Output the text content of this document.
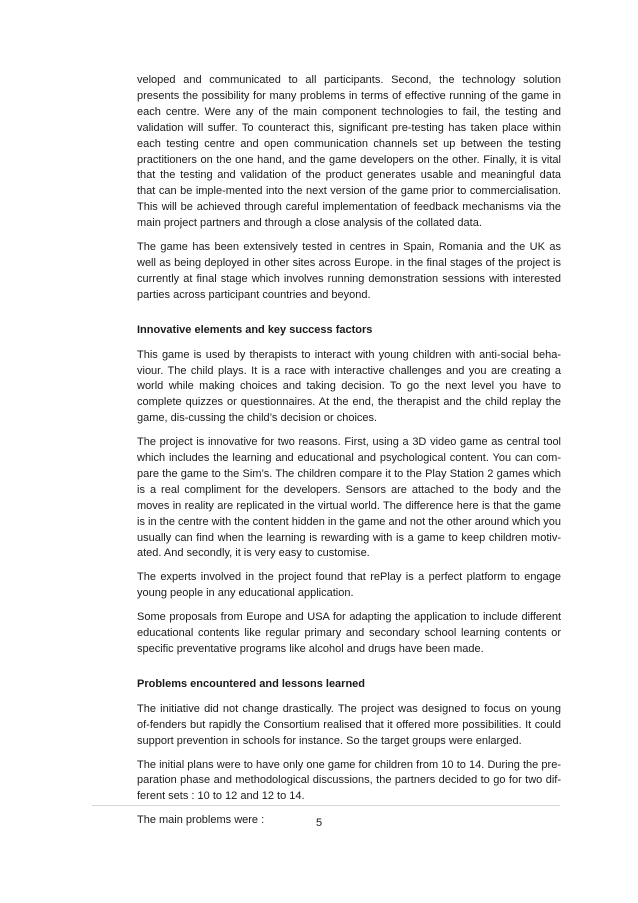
veloped and communicated to all participants. Second, the technology solution presents the possibility for many problems in terms of effective running of the game in each centre. Were any of the main component technologies to fail, the testing and validation will suffer. To counteract this, significant pre-testing has taken place within each testing centre and open communication channels set up between the testing practitioners on the one hand, and the game developers on the other. Finally, it is vital that the testing and validation of the product generates usable and meaningful data that can be imple-mented into the next version of the game prior to commercialisation. This will be achieved through careful implementation of feedback mechanisms via the main project partners and through a close analysis of the collated data.

The game has been extensively tested in centres in Spain, Romania and the UK as well as being deployed in other sites across Europe. in the final stages of the project is currently at final stage which involves running demonstration sessions with interested parties across participant countries and beyond.

Innovative elements and key success factors

This game is used by therapists to interact with young children with anti-social beha-viour. The child plays. It is a race with interactive challenges and you are creating a world while making choices and taking decision. To go the next level you have to complete quizzes or questionnaires. At the end, the therapist and the child replay the game, dis-cussing the child’s decision or choices.

The project is innovative for two reasons. First, using a 3D video game as central tool which includes the learning and educational and psychological content. You can com-pare the game to the Sim’s. The children compare it to the Play Station 2 games which is a real compliment for the developers. Sensors are attached to the body and the moves in reality are replicated in the virtual world. The difference here is that the game is in the centre with the content hidden in the game and not the other around which you usually can find when the learning is rewarding with is a game to keep children motiv-ated. And secondly, it is very easy to customise.

The experts involved in the project found that rePlay is a perfect platform to engage young people in any educational application.

Some proposals from Europe and USA for adapting the application to include different educational contents like regular primary and secondary school learning contents or specific preventative programs like alcohol and drugs have been made.

Problems encountered and lessons learned

The initiative did not change drastically. The project was designed to focus on young of-fenders but rapidly the Consortium realised that it offered more possibilities. It could support prevention in schools for instance. So the target groups were enlarged.

The initial plans were to have only one game for children from 10 to 14. During the pre-paration phase and methodological discussions, the partners decided to go for two dif-ferent sets : 10 to 12 and 12 to 14.

The main problems were :	5
